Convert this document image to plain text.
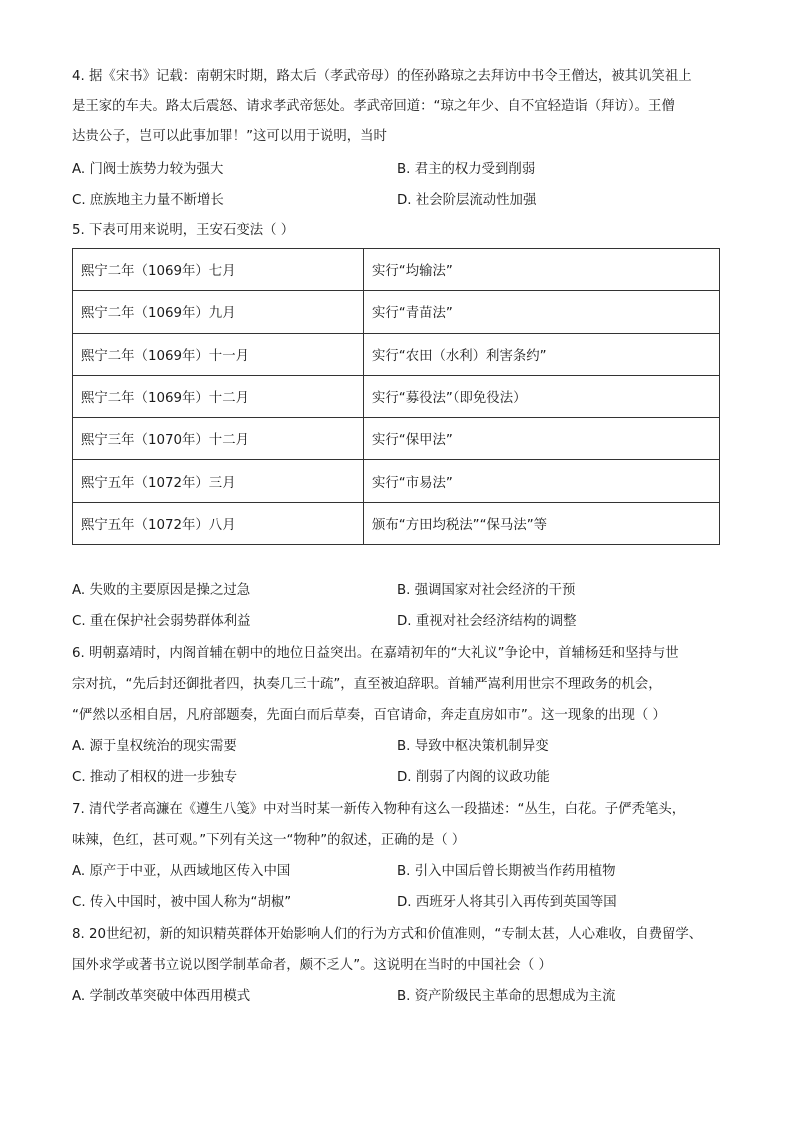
4. 据《宋书》记载：南朝宋时期，路太后（孝武帝母）的侄孙路琼之去拜访中书令王僧达，被其讥笑祖上
是王家的车夫。路太后震怒、请求孝武帝惩处。孝武帝回道：“琼之年少、自不宜轻造诣（拜访）。王僧
达贵公子，岂可以此事加罪！”这可以用于说明，当时
A. 门阀士族势力较为强大	B. 君主的权力受到削弱
C. 庶族地主力量不断增长	D. 社会阶层流动性加强
5. 下表可用来说明，王安石变法（ ）
熙宁二年（1069年）七月	实行“均输法”
熙宁二年（1069年）九月	实行“青苗法”
熙宁二年（1069年）十一月	实行“农田（水利）利害条约”
熙宁二年（1069年）十二月	实行“募役法”（即免役法）
熙宁三年（1070年）十二月	实行“保甲法”
熙宁五年（1072年）三月	实行“市易法”
熙宁五年（1072年）八月	颁布“方田均税法”“保马法”等
A. 失败的主要原因是操之过急	B. 强调国家对社会经济的干预
C. 重在保护社会弱势群体利益	D. 重视对社会经济结构的调整
6. 明朝嘉靖时，内阁首辅在朝中的地位日益突出。在嘉靖初年的“大礼议”争论中，首辅杨廷和坚持与世
宗对抗，“先后封还御批者四，执奏几三十疏”，直至被迫辞职。首辅严嵩利用世宗不理政务的机会，
“俨然以丞相自居，凡府部题奏，先面白而后草奏，百官请命，奔走直房如市”。这一现象的出现（ ）
A. 源于皇权统治的现实需要	B. 导致中枢决策机制异变
C. 推动了相权的进一步独专	D. 削弱了内阁的议政功能
7. 清代学者高濂在《遵生八笺》中对当时某一新传入物种有这么一段描述：“丛生，白花。子俨秃笔头，
味辣，色红，甚可观。”下列有关这一“物种”的叙述，正确的是（ ）
A. 原产于中亚，从西域地区传入中国	B. 引入中国后曾长期被当作药用植物
C. 传入中国时，被中国人称为“胡椒”	D. 西班牙人将其引入再传到英国等国
8. 20世纪初，新的知识精英群体开始影响人们的行为方式和价值准则，“专制太甚，人心难收，自费留学、
国外求学或著书立说以图学制革命者，颇不乏人”。这说明在当时的中国社会（ ）
A. 学制改革突破中体西用模式	B. 资产阶级民主革命的思想成为主流
